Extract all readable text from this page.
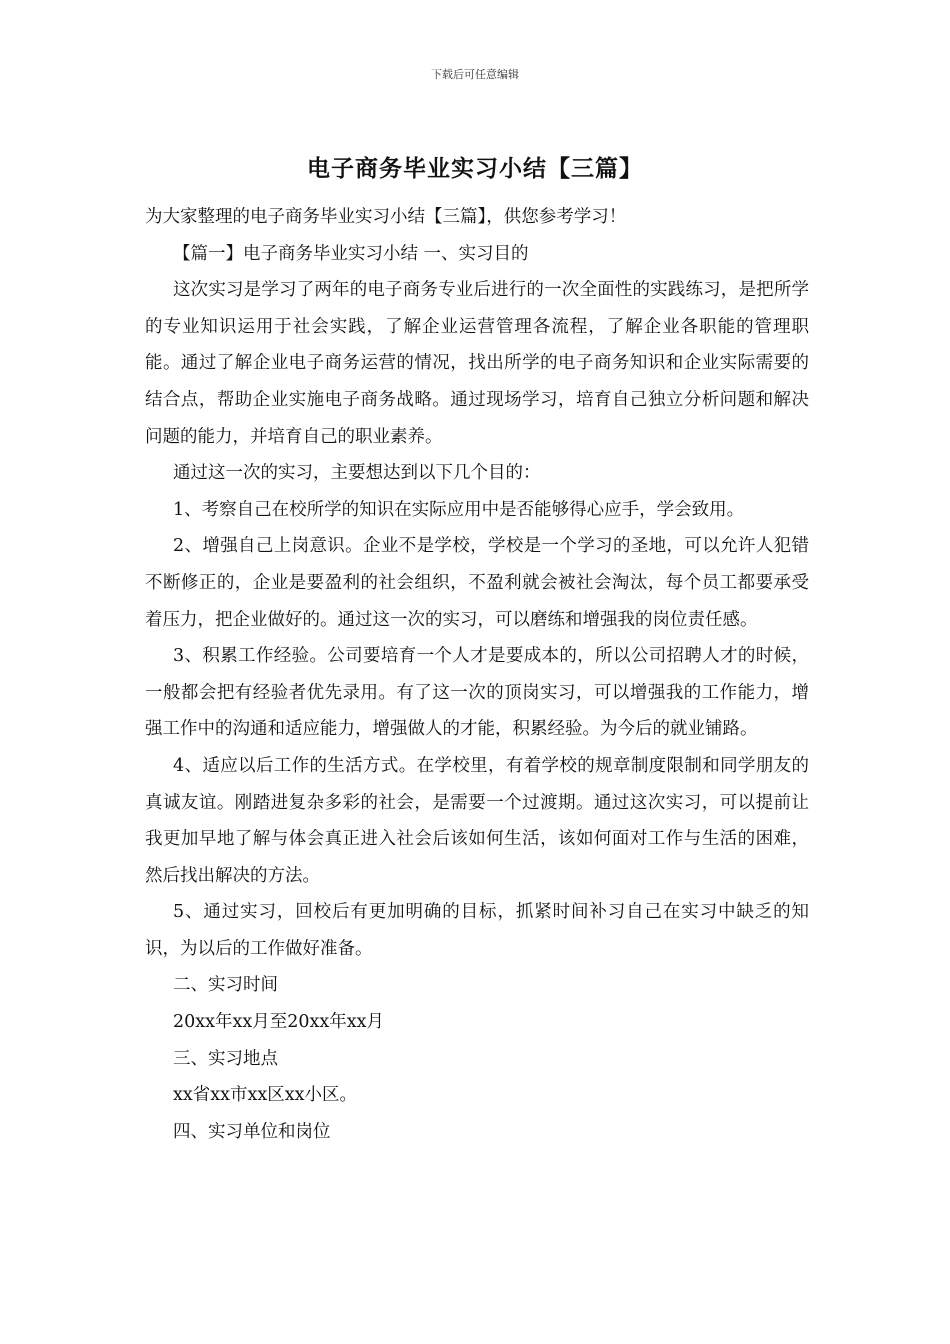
下载后可任意编辑
电子商务毕业实习小结【三篇】

为大家整理的电子商务毕业实习小结【三篇】，供您参考学习！

【篇一】电子商务毕业实习小结 一、实习目的

这次实习是学习了两年的电子商务专业后进行的一次全面性的实践练习，是把所学的专业知识运用于社会实践，了解企业运营管理各流程，了解企业各职能的管理职能。通过了解企业电子商务运营的情况，找出所学的电子商务知识和企业实际需要的结合点，帮助企业实施电子商务战略。通过现场学习，培育自己独立分析问题和解决问题的能力，并培育自己的职业素养。

通过这一次的实习，主要想达到以下几个目的：

1、考察自己在校所学的知识在实际应用中是否能够得心应手，学会致用。

2、增强自己上岗意识。企业不是学校，学校是一个学习的圣地，可以允许人犯错不断修正的，企业是要盈利的社会组织，不盈利就会被社会淘汰，每个员工都要承受着压力，把企业做好的。通过这一次的实习，可以磨练和增强我的岗位责任感。

3、积累工作经验。公司要培育一个人才是要成本的，所以公司招聘人才的时候，一般都会把有经验者优先录用。有了这一次的顶岗实习，可以增强我的工作能力，增强工作中的沟通和适应能力，增强做人的才能，积累经验。为今后的就业铺路。

4、适应以后工作的生活方式。在学校里，有着学校的规章制度限制和同学朋友的真诚友谊。刚踏进复杂多彩的社会，是需要一个过渡期。通过这次实习，可以提前让我更加早地了解与体会真正进入社会后该如何生活，该如何面对工作与生活的困难，然后找出解决的方法。

5、通过实习，回校后有更加明确的目标，抓紧时间补习自己在实习中缺乏的知识，为以后的工作做好准备。

二、实习时间

20xx年xx月至20xx年xx月

三、实习地点

xx省xx市xx区xx小区。

四、实习单位和岗位
